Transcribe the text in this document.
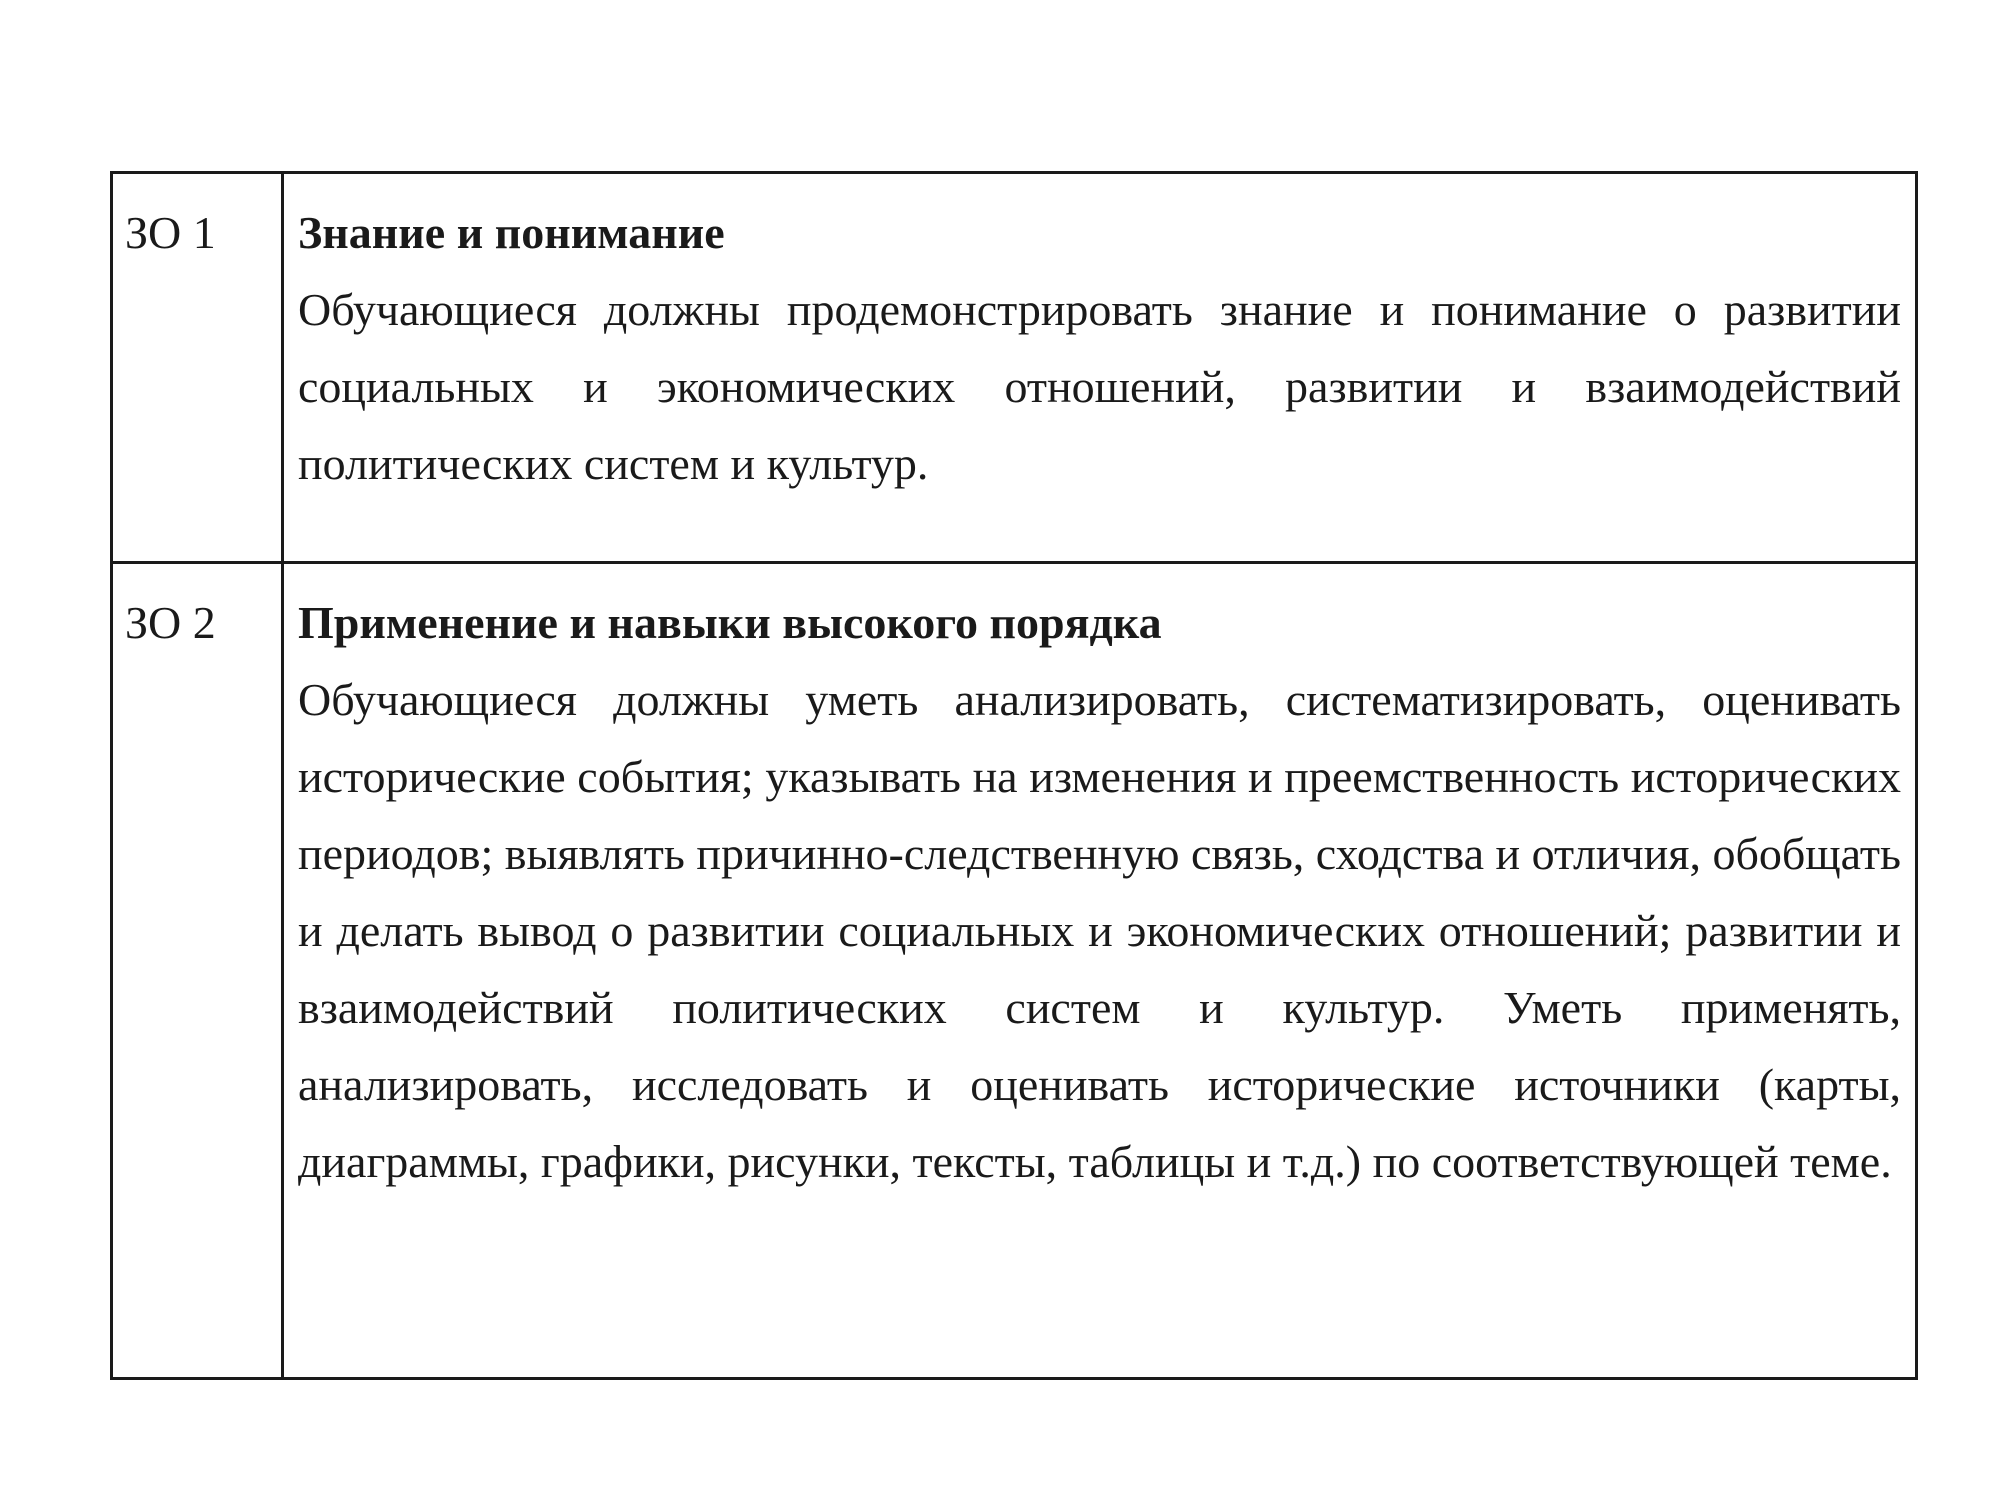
ЗО 1	Знание и понимание
Обучающиеся должны продемонстрировать знание и понимание о развитии социальных и экономических отношений, развитии и взаимодействий политических систем и культур.

ЗО 2	Применение и навыки высокого порядка
Обучающиеся должны уметь анализировать, систематизировать, оценивать исторические события; указывать на изменения и преемственность исторических периодов; выявлять причинно-следственную связь, сходства и отличия, обобщать и делать вывод о развитии социальных и экономических отношений; развитии и взаимодействий политических систем и культур. Уметь применять, анализировать, исследовать и оценивать исторические источники (карты, диаграммы, графики, рисунки, тексты, таблицы и т.д.) по соответствующей теме.
